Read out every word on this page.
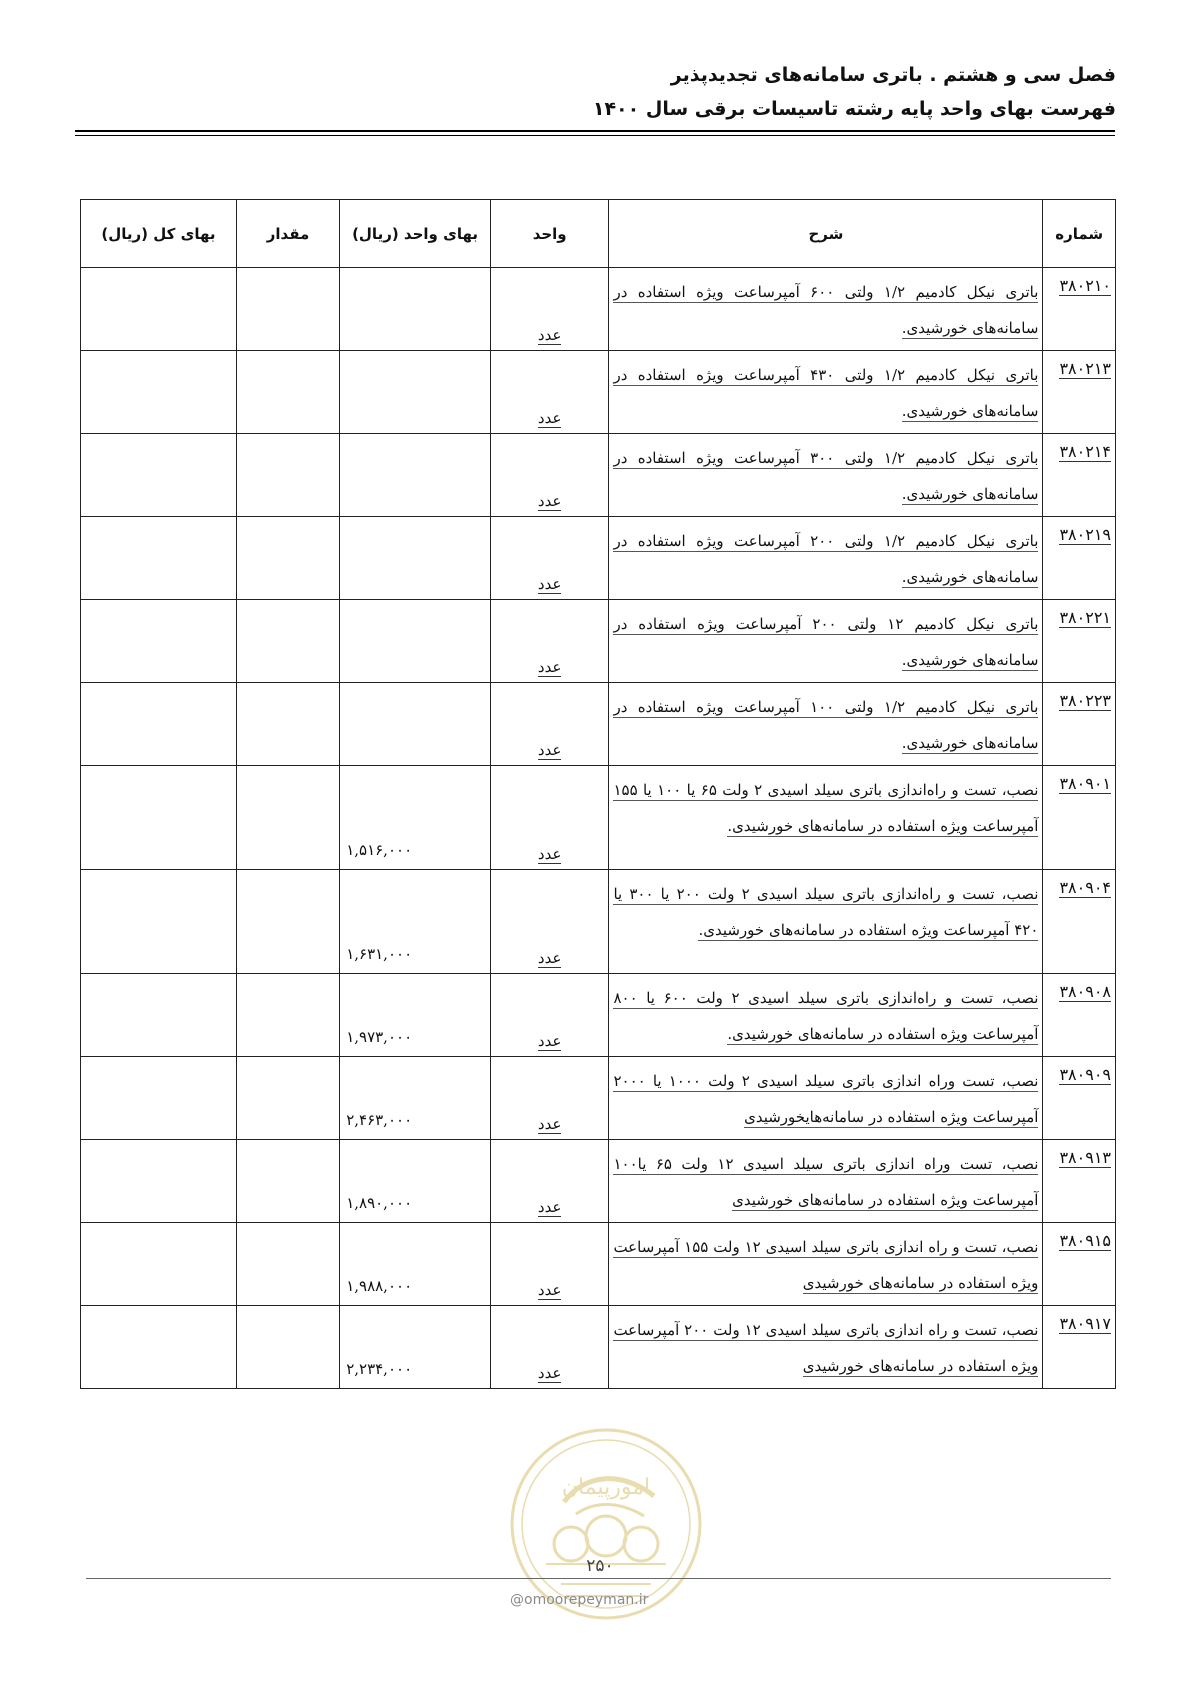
فصل سی و هشتم . باتری سامانه‌های تجدیدپذیر
فهرست بهای واحد پایه رشته تاسیسات برقی سال ۱۴۰۰
شماره	شرح	واحد	بهای واحد (ریال)	مقدار	بهای کل (ریال)
۳۸۰۲۱۰	باتری نیکل کادمیم ۱/۲ ولتی ۶۰۰ آمپرساعت ویژه استفاده در سامانه‌های خورشیدی.	عدد			
۳۸۰۲۱۳	باتری نیکل کادمیم ۱/۲ ولتی ۴۳۰ آمپرساعت ویژه استفاده در سامانه‌های خورشیدی.	عدد			
۳۸۰۲۱۴	باتری نیکل کادمیم ۱/۲ ولتی ۳۰۰ آمپرساعت ویژه استفاده در سامانه‌های خورشیدی.	عدد			
۳۸۰۲۱۹	باتری نیکل کادمیم ۱/۲ ولتی ۲۰۰ آمپرساعت ویژه استفاده در سامانه‌های خورشیدی.	عدد			
۳۸۰۲۲۱	باتری نیکل کادمیم ۱۲ ولتی ۲۰۰ آمپرساعت ویژه استفاده در سامانه‌های خورشیدی.	عدد			
۳۸۰۲۲۳	باتری نیکل کادمیم ۱/۲ ولتی ۱۰۰ آمپرساعت ویژه استفاده در سامانه‌های خورشیدی.	عدد			
۳۸۰۹۰۱	نصب، تست و راه‌اندازی باتری سیلد اسیدی ۲ ولت ۶۵ یا ۱۰۰ یا ۱۵۵ آمپرساعت ویژه استفاده در سامانه‌های خورشیدی.	عدد	۱,۵۱۶,۰۰۰		
۳۸۰۹۰۴	نصب، تست و راه‌اندازی باتری سیلد اسیدی ۲ ولت ۲۰۰ یا ۳۰۰ یا ۴۲۰ آمپرساعت ویژه استفاده در سامانه‌های خورشیدی.	عدد	۱,۶۳۱,۰۰۰		
۳۸۰۹۰۸	نصب، تست و راه‌اندازی باتری سیلد اسیدی ۲ ولت ۶۰۰ یا ۸۰۰ آمپرساعت ویژه استفاده در سامانه‌های خورشیدی.	عدد	۱,۹۷۳,۰۰۰		
۳۸۰۹۰۹	نصب، تست وراه اندازی باتری سیلد اسیدی ۲ ولت ۱۰۰۰ یا ۲۰۰۰ آمپرساعت ویژه استفاده در سامانه‌هایخورشیدی	عدد	۲,۴۶۳,۰۰۰		
۳۸۰۹۱۳	نصب، تست وراه اندازی باتری سیلد اسیدی ۱۲ ولت ۶۵ یا۱۰۰ آمپرساعت ویژه استفاده در سامانه‌های خورشیدی	عدد	۱,۸۹۰,۰۰۰		
۳۸۰۹۱۵	نصب، تست و راه اندازی باتری سیلد اسیدی ۱۲ ولت ۱۵۵ آمپرساعت ویژه استفاده در سامانه‌های خورشیدی	عدد	۱,۹۸۸,۰۰۰		
۳۸۰۹۱۷	نصب، تست و راه اندازی باتری سیلد اسیدی ۱۲ ولت ۲۰۰ آمپرساعت ویژه استفاده در سامانه‌های خورشیدی	عدد	۲,۲۳۴,۰۰۰		
امورپیمان
۲۵۰
@omoorepeyman.ir
